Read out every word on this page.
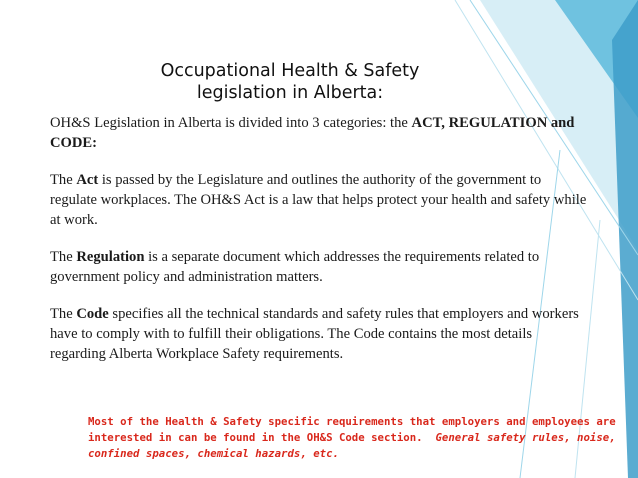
Occupational Health & Safety
legislation in Alberta:

OH&S Legislation in Alberta is divided into 3 categories: the ACT, REGULATION and CODE:

The Act is passed by the Legislature and outlines the authority of the government to regulate workplaces. The OH&S Act is a law that helps protect your health and safety while at work.

The Regulation is a separate document which addresses the requirements related to government policy and administration matters.

The Code specifies all the technical standards and safety rules that employers and workers have to comply with to fulfill their obligations. The Code contains the most details regarding Alberta Workplace Safety requirements.

Most of the Health & Safety specific requirements that employers and employees are interested in can be found in the OH&S Code section. General safety rules, noise, confined spaces, chemical hazards, etc.
